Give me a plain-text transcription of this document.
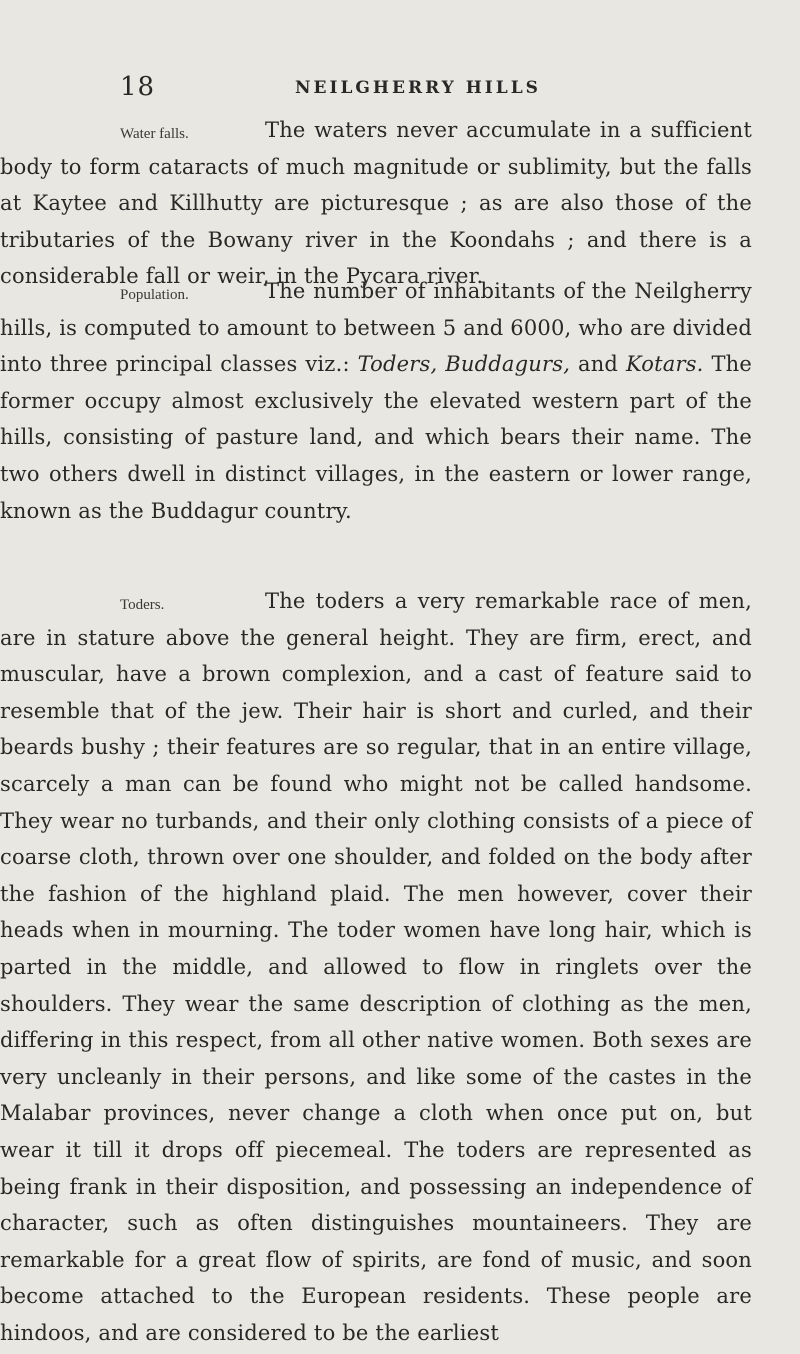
18	NEILGHERRY HILLS
Water falls.	The waters never accumulate in a sufficient body to form cataracts of much magnitude or sublimity, but the falls at Kaytee and Killhutty are picturesque ; as are also those of the tributaries of the Bowany river in the Koondahs ; and there is a considerable fall or weir, in the Pycara river.

Population.	The number of inhabitants of the Neilgherry hills, is computed to amount to between 5 and 6000, who are divided into three principal classes viz.: Toders, Buddagurs, and Kotars. The former occupy almost exclusively the elevated western part of the hills, consisting of pasture land, and which bears their name. The two others dwell in distinct villages, in the eastern or lower range, known as the Buddagur country.

Toders.	The toders a very remarkable race of men, are in stature above the general height. They are firm, erect, and muscular, have a brown complexion, and a cast of feature said to resemble that of the jew. Their hair is short and curled, and their beards bushy ; their features are so regular, that in an entire village, scarcely a man can be found who might not be called handsome. They wear no turbands, and their only clothing consists of a piece of coarse cloth, thrown over one shoulder, and folded on the body after the fashion of the highland plaid. The men however, cover their heads when in mourning. The toder women have long hair, which is parted in the middle, and allowed to flow in ringlets over the shoulders. They wear the same description of clothing as the men, differing in this respect, from all other native women. Both sexes are very uncleanly in their persons, and like some of the castes in the Malabar provinces, never change a cloth when once put on, but wear it till it drops off piecemeal. The toders are represented as being frank in their disposition, and possessing an independence of character, such as often distinguishes mountaineers. They are remarkable for a great flow of spirits, are fond of music, and soon become attached to the European residents. These people are hindoos, and are considered to be the earliest
